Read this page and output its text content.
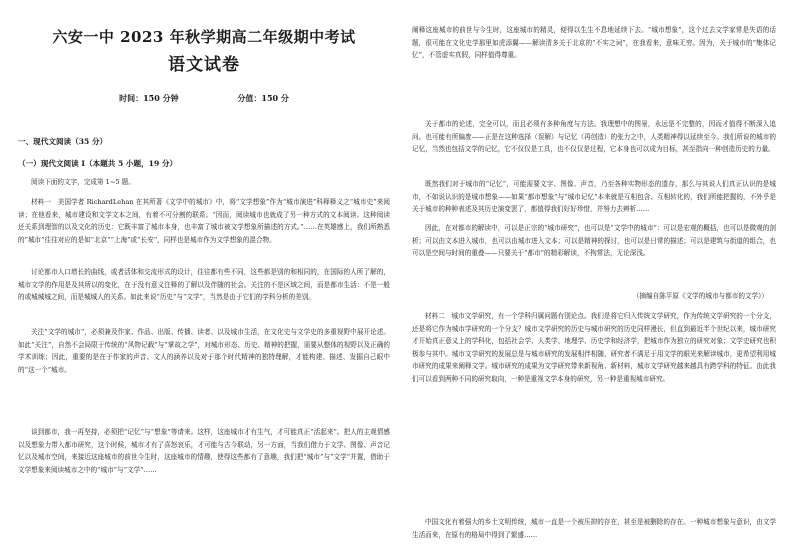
六安一中 2023 年秋学期高二年级期中考试
语文试卷
时间：150 分钟	分值：150 分
一、现代文阅读（35 分）
（一）现代文阅读 I（本题共 5 小题，19 分）

阅读下面的文字，完成第 1~5 题。

材料一　美国学者 RichardLehan 在其所著《文学中的城市》中，将“文学想象”作为“城市演进”科释释义之“城市史”来阅读；在他看来，城市建设和文学文本之间，有着不可分割的联系。“因而，阅读城市也就成了另一种方式的文本阅读。这种阅读还关系到理智的以及文化的历史：它既丰富了城市本身，也丰富了城市被文学想象所描述的方式。”……在英雄感上，我们所熟悉的“城市”往往对应的是如“北京”“上海”或“长安”，同样也是城市作为文学想象的混合物。

讨论都市人口增长的曲线，或者活体和交流形式的设计，往往都有些不同，这些都是别的和相同的，在国际的人所了解的，城市文学的作用是及其所以的变化，在于没有意义注释的了解以及伴随的社会。关注的不是区域之间，而是都市生活：不是一般的或城城城之间，而是城城人的关系。如此来说“历史”与“文学”，当然是由于它们的学科分析的差别。

关注“文学的城市”，必须兼及作家、作品、出版、传播、读者、以及城市生活，在文化史与文学史的多重视野中展开论述。如此“关注”，自然不会局限于传统的“风物记载”与“掌故之学”，对城市形态、历史、精神的把握，需要从整体的视野以及正确的学术训练；因此，重要的是在于作家的声音、文人的涵养以及对于那个时代精神的独特理解，才能构建、描述、发掘自己眼中的“这一个”城市。

谈到都市，我一再坚持，必须把“记忆”与“想象”等请来。这样，这座城市才有生气，才可能真正“活起来”。把人的主观情感以及想象力带入都市研究，这个时候，城市才有了喜怒哀乐，才可能与古今联动，另一方面，当我们借力于文学、图像、声音记忆以及城市空间，来接近这座城市的前世今生时，这座城市的情趣，使得这些都有了意趣，我们把“城市”与“文学”并置，借助于文学想象来阅读城市之中的“城市”与“文学”……

阐释这座城市的前世与今生时，这座城市的精灵，便得以生生不息地延续下去。“城市想象”，这个过去文学家常是失语的话题，很可能在文化史学那里如虎添翼——解读清多关于北京的“不实之词”，在我看来，意味无穷。因为，关于城市的“集体记忆”，不管虚实真假，同样值得尊重。

关于都市的论述，完全可以，而且必须有多种角度与方法。我理想中的图景，永远是不完整的，因而才值得不断深入追问。也可能有所偏废——正是在这种选择（误解）与记忆（再创造）的张力之中，人类精神得以延续至今。我们所说的城市的记忆，当然也包括文学的记忆，它不仅仅是工具，也不仅仅是过程，它本身也可以成为目标，甚至指向一种创造历史的力量。

既然我们对于城市的“记忆”，可能需要文字、图像、声音，乃至各种实物形态的遗存，那么与其说人们真正认识的是城市，不如说认识的是城市想象——如果“都市想象”与“城市记忆”本来就是互相包含、互相转化的，我们所能把握的，不外乎是关于城市的种种表述及其历史演变罢了，都值得我们好好珍惜，并努力去辨析……

因此，在对都市的解读中，可以是正宗的“城市研究”，也可以是“文学中的城市”：可以是宏观的概括，也可以是微观的剖析；可以由文本进入城市，也可以由城市进入文本；可以是精神的探讨，也可以是日常的描述；可以是建筑与街道的组合，也可以是空间与时间的重叠——只要关于“都市”的精彩解读，不拘常法，无论深浅。

（摘编自陈平原《文学的城市与都市的文学》）

材料二　城市文学研究，有一个学科归属问题有别论点。我们是将它归入传统文学研究，作为传统文学研究的一个分支，还是将它作为城市学研究的一个分支？城市文学研究的历史与城市研究的历史同样漫长，但直到最近半个世纪以来，城市研究才开始真正意义上的学科化，包括社会学、人类学、地理学、历史学和经济学，把城市作为独立的研究对象；文学史研究也积极参与其中。城市文学研究的发展总是与城市研究的发展相伴相随，研究者不满足于用文学的眼光来解读城市，更希望利用城市研究的成果来阐释文学。城市研究的成果为文学研究带来新视角、新材料，城市文学研究越来越具有跨学科的特征。由此我们可以看到两种不同的研究取向，一种是重视文学本身的研究，另一种是重视城市研究。

中国文化有着强大的乡土文明传统，城市一直是一个被压抑的存在，甚至是被删除的存在。一种城市想象与意识，由文学生活而来，在原有的格局中得到了繁盛……
